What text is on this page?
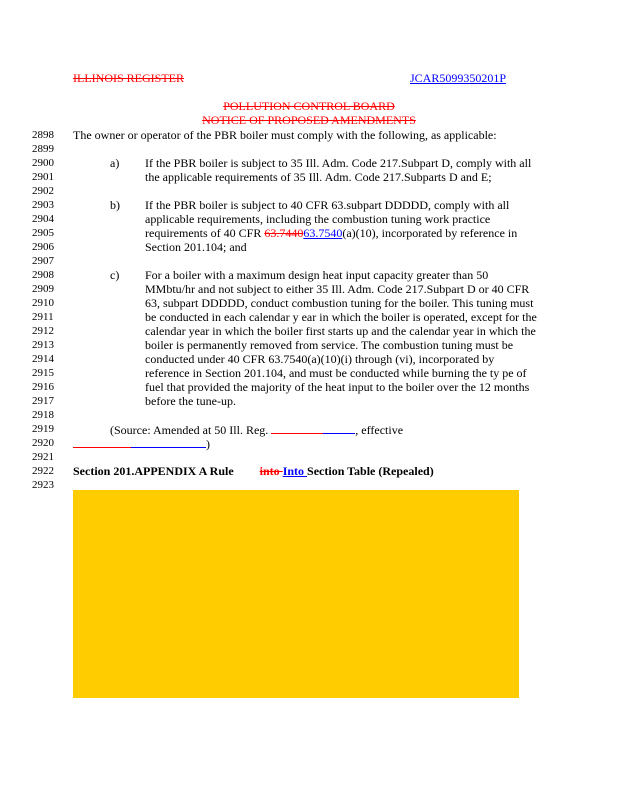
ILLINOIS REGISTER	JCAR5099350201P
POLLUTION CONTROL BOARD
NOTICE OF PROPOSED AMENDMENTS
2898
2899
2900
2901
2902
2903
2904
2905
2906
2907
2908
2909
2910
2911
2912
2913
2914
2915
2916
2917
2918
2919
2920
2921
2922
2923
The owner or operator of the PBR boiler must comply with the following, as applicable:
a) If the PBR boiler is subject to 35 Ill. Adm. Code 217.Subpart D, comply with all
the applicable requirements of 35 Ill. Adm. Code 217.Subparts D and E;
b) If the PBR boiler is subject to 40 CFR 63.subpart DDDDD, comply with all
applicable requirements, including the combustion tuning work practice
requirements of 40 CFR 63.744063.7540(a)(10), incorporated by reference in
Section 201.104; and
c) For a boiler with a maximum design heat input capacity greater than 50
MMbtu/hr and not subject to either 35 Ill. Adm. Code 217.Subpart D or 40 CFR
63, subpart DDDDD, conduct combustion tuning for the boiler. This tuning must
be conducted in each calendar y ear in which the boiler is operated, except for the
calendar year in which the boiler first starts up and the calendar year in which the
boiler is permanently removed from service. The combustion tuning must be
conducted under 40 CFR 63.7540(a)(10)(i) through (vi), incorporated by
reference in Section 201.104, and must be conducted while burning the ty pe of
fuel that provided the majority of the heat input to the boiler over the 12 months
before the tune-up.
(Source: Amended at 50 Ill. Reg.	, effective
)
Section 201.APPENDIX A Rule into Into Section Table (Repealed)
